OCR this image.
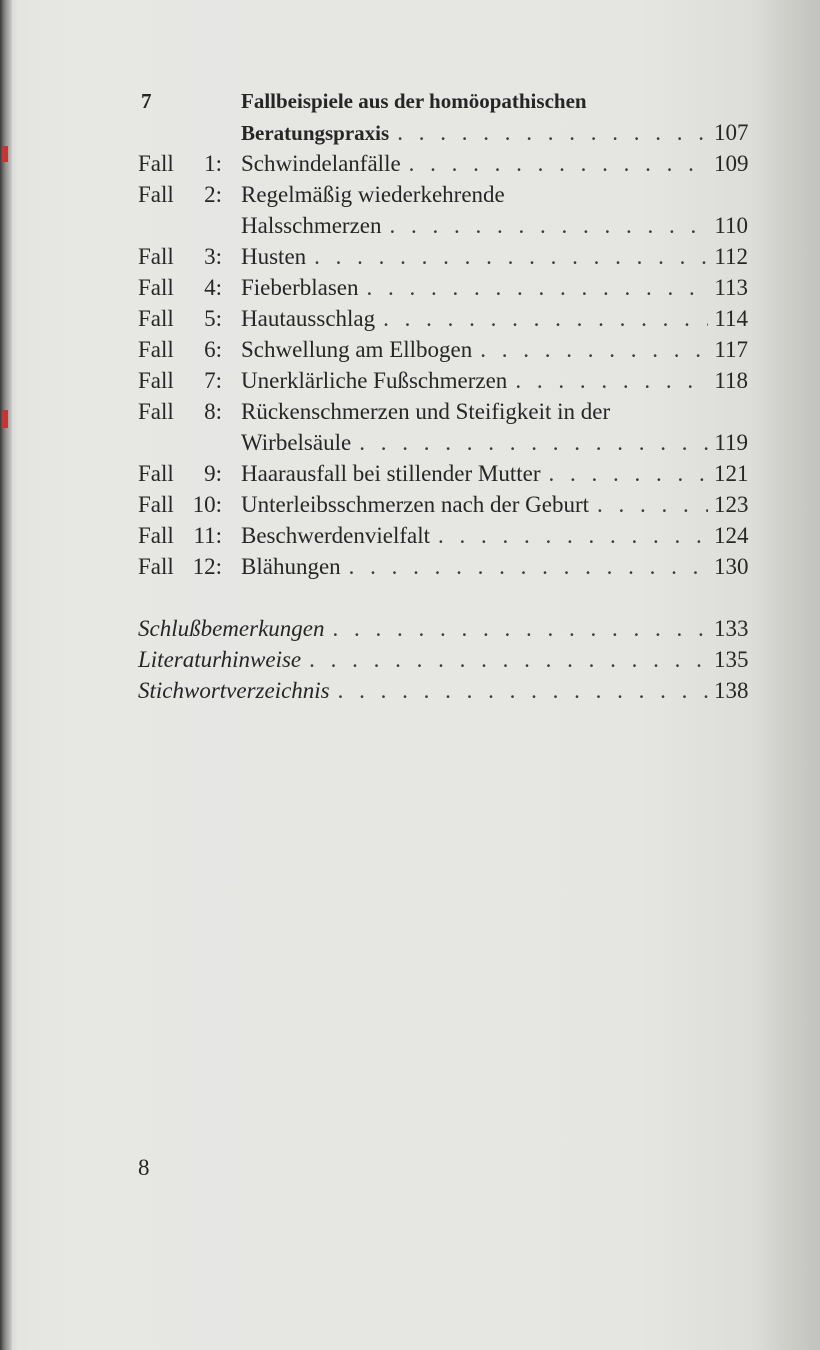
7	Fallbeispiele aus der homöopathischen
Beratungspraxis . . .	107
Fall	1: Schwindelanfälle . . .	109
Fall	2: Regelmäßig wiederkehrende
Halsschmerzen . . .	110
Fall	3: Husten . . .	112
Fall	4: Fieberblasen . . .	113
Fall	5: Hautausschlag . . .	114
Fall	6: Schwellung am Ellbogen . . .	117
Fall	7: Unerklärliche Fußschmerzen . . .	118
Fall	8: Rückenschmerzen und Steifigkeit in der
Wirbelsäule . . .	119
Fall	9: Haarausfall bei stillender Mutter . . .	121
Fall 10: Unterleibsschmerzen nach der Geburt . . .	123
Fall 11: Beschwerdenvielfalt . . .	124
Fall 12: Blähungen . . .	130
Schlußbemerkungen . . .	133
Literaturhinweise . . .	135
Stichwortverzeichnis . . .	138
8
